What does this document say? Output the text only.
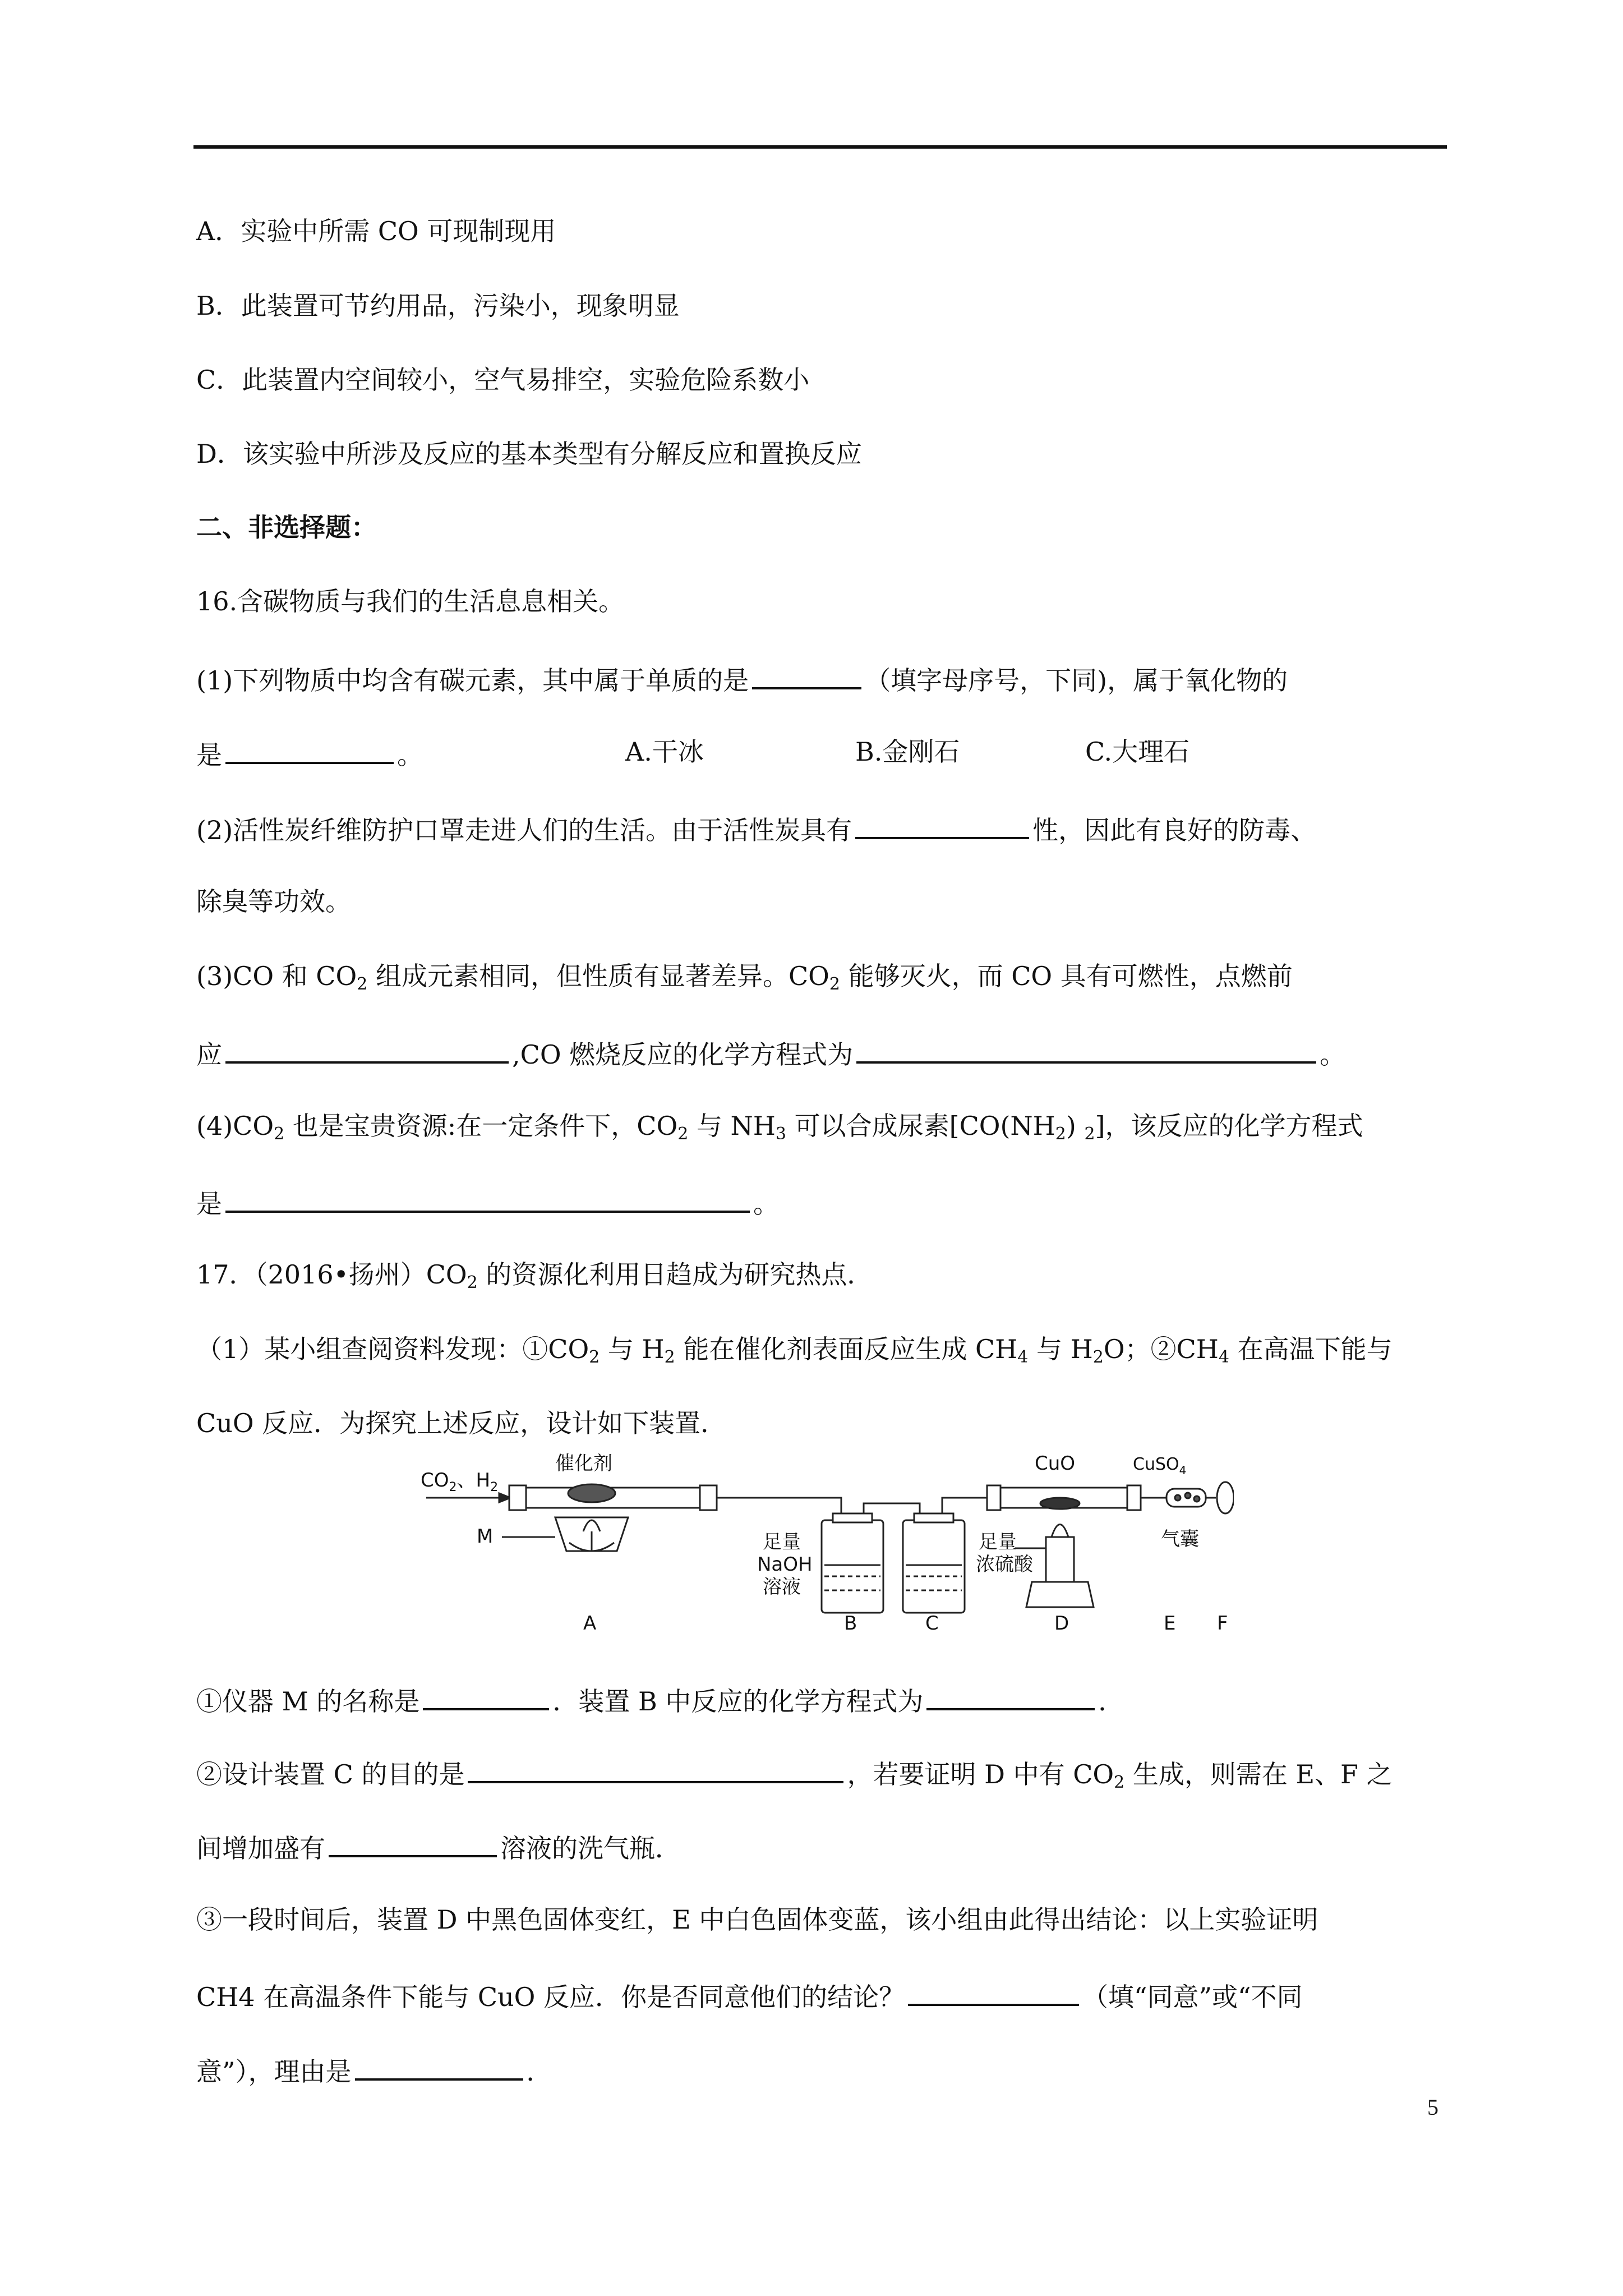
A．实验中所需 CO 可现制现用
B．此装置可节约用品，污染小，现象明显
C．此装置内空间较小，空气易排空，实验危险系数小
D．该实验中所涉及反应的基本类型有分解反应和置换反应
二、非选择题：
16.含碳物质与我们的生活息息相关。
(1)下列物质中均含有碳元素，其中属于单质的是	（填字母序号，下同)，属于氧化物的
是	。	A.干冰	B.金刚石	C.大理石
(2)活性炭纤维防护口罩走进人们的生活。由于活性炭具有	性，因此有良好的防毒、
除臭等功效。
(3)CO 和 $CO_2$ 组成元素相同，但性质有显著差异。$CO_2$ 能够灭火，而 CO 具有可燃性，点燃前
应	,CO 燃烧反应的化学方程式为	。
$(4)CO_2$ 也是宝贵资源:在一定条件下，$CO_2$ 与 $NH_3$ 可以合成尿素[$CO(NH_2)$ $_2$]，该反应的化学方程式
是	。
17．（2016•扬州）$CO_2$ 的资源化利用日趋成为研究热点．
（1）某小组查阅资料发现：$①CO_2$ 与 $H_2$ 能在催化剂表面反应生成 $CH_4$ 与 $H_2O$；$②CH_4$ 在高温下能与
CuO 反应．为探究上述反应，设计如下装置．
$CO_2$、$H_2$
催化剂	CuO	CuSO$_4$
M	足量
NaOH
溶液
足量
浓硫酸
气囊
A	B	C	D	E F
①仪器 M 的名称是	．装置 B 中反应的化学方程式为	．
②设计装置 C 的目的是	，若要证明 D 中有 $CO_2$ 生成，则需在 E、F 之
间增加盛有	溶液的洗气瓶．
③一段时间后，装置 D 中黑色固体变红，E 中白色固体变蓝，该小组由此得出结论：以上实验证明
CH4 在高温条件下能与 CuO 反应．你是否同意他们的结论？	（填“同意”或“不同
意”），理由是	．
5
